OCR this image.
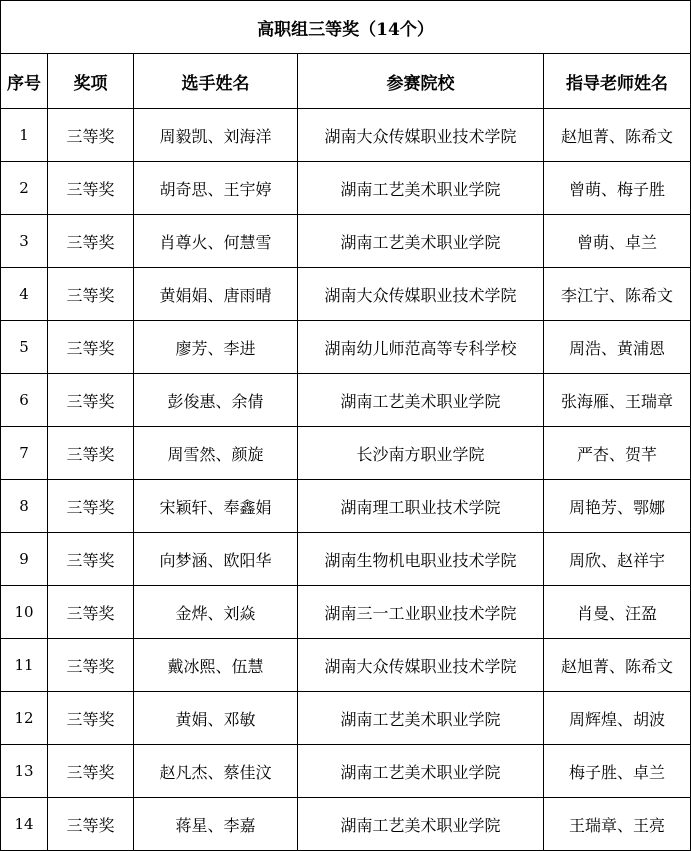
高职组三等奖（14个）				
序号	奖项	选手姓名	参赛院校	指导老师姓名
1	三等奖	周毅凯、刘海洋	湖南大众传媒职业技术学院	赵旭菁、陈希文
2	三等奖	胡奇思、王宇婷	湖南工艺美术职业学院	曾萌、梅子胜
3	三等奖	肖尊火、何慧雪	湖南工艺美术职业学院	曾萌、卓兰
4	三等奖	黄娟娟、唐雨晴	湖南大众传媒职业技术学院	李江宁、陈希文
5	三等奖	廖芳、李进	湖南幼儿师范高等专科学校	周浩、黄浦恩
6	三等奖	彭俊惠、余倩	湖南工艺美术职业学院	张海雁、王瑞章
7	三等奖	周雪然、颜旋	长沙南方职业学院	严杏、贺芊
8	三等奖	宋颖轩、奉鑫娟	湖南理工职业技术学院	周艳芳、鄂娜
9	三等奖	向梦涵、欧阳华	湖南生物机电职业技术学院	周欣、赵祥宇
10	三等奖	金烨、刘焱	湖南三一工业职业技术学院	肖曼、汪盈
11	三等奖	戴冰熙、伍慧	湖南大众传媒职业技术学院	赵旭菁、陈希文
12	三等奖	黄娟、邓敏	湖南工艺美术职业学院	周辉煌、胡波
13	三等奖	赵凡杰、蔡佳汶	湖南工艺美术职业学院	梅子胜、卓兰
14	三等奖	蒋星、李嘉	湖南工艺美术职业学院	王瑞章、王亮
